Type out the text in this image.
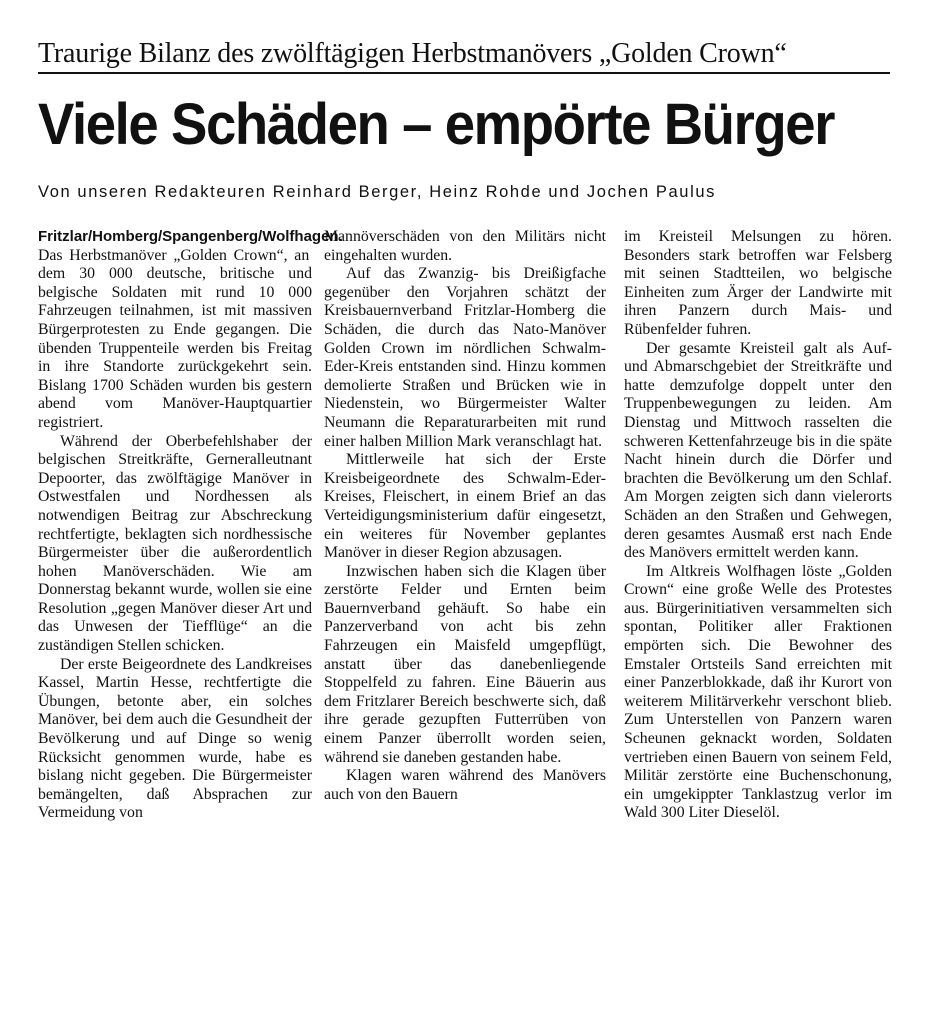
Traurige Bilanz des zwölftägigen Herbstmanövers „Golden Crown“
Viele Schäden – empörte Bürger
Von unseren Redakteuren Reinhard Berger, Heinz Rohde und Jochen Paulus

Fritzlar/Homberg/Spangenberg/Wolfhagen. Das Herbstmanöver „Golden Crown“, an dem 30 000 deutsche, britische und belgische Soldaten mit rund 10 000 Fahrzeugen teilnahmen, ist mit massiven Bürgerprotesten zu Ende gegangen. Die übenden Truppenteile werden bis Freitag in ihre Standorte zurückgekehrt sein. Bislang 1700 Schäden wurden bis gestern abend vom Manöver-Hauptquartier registriert.

Während der Oberbefehlshaber der belgischen Streitkräfte, Gerneralleutnant Depoorter, das zwölftägige Manöver in Ostwestfalen und Nordhessen als notwendigen Beitrag zur Abschreckung rechtfertigte, beklagten sich nordhessische Bürgermeister über die außerordentlich hohen Manöverschäden. Wie am Donnerstag bekannt wurde, wollen sie eine Resolution „gegen Manöver dieser Art und das Unwesen der Tiefflüge“ an die zuständigen Stellen schicken.

Der erste Beigeordnete des Landkreises Kassel, Martin Hesse, rechtfertigte die Übungen, betonte aber, ein solches Manöver, bei dem auch die Gesundheit der Bevölkerung und auf Dinge so wenig Rücksicht genommen wurde, habe es bislang nicht gegeben. Die Bürgermeister bemängelten, daß Absprachen zur Vermeidung von

Mannöverschäden von den Militärs nicht eingehalten wurden.

Auf das Zwanzig- bis Dreißigfache gegenüber den Vorjahren schätzt der Kreisbauernverband Fritzlar-Homberg die Schäden, die durch das Nato-Manöver Golden Crown im nördlichen Schwalm-Eder-Kreis entstanden sind. Hinzu kommen demolierte Straßen und Brücken wie in Niedenstein, wo Bürgermeister Walter Neumann die Reparaturarbeiten mit rund einer halben Million Mark veranschlagt hat.

Mittlerweile hat sich der Erste Kreisbeigeordnete des Schwalm-Eder-Kreises, Fleischert, in einem Brief an das Verteidigungsministerium dafür eingesetzt, ein weiteres für November geplantes Manöver in dieser Region abzusagen.

Inzwischen haben sich die Klagen über zerstörte Felder und Ernten beim Bauernverband gehäuft. So habe ein Panzerverband von acht bis zehn Fahrzeugen ein Maisfeld umgepflügt, anstatt über das danebenliegende Stoppelfeld zu fahren. Eine Bäuerin aus dem Fritzlarer Bereich beschwerte sich, daß ihre gerade gezupften Futterrüben von einem Panzer überrollt worden seien, während sie daneben gestanden habe.

Klagen waren während des Manövers auch von den Bauern

im Kreisteil Melsungen zu hören. Besonders stark betroffen war Felsberg mit seinen Stadtteilen, wo belgische Einheiten zum Ärger der Landwirte mit ihren Panzern durch Mais- und Rübenfelder fuhren.

Der gesamte Kreisteil galt als Auf- und Abmarschgebiet der Streitkräfte und hatte demzufolge doppelt unter den Truppenbewegungen zu leiden. Am Dienstag und Mittwoch rasselten die schweren Kettenfahrzeuge bis in die späte Nacht hinein durch die Dörfer und brachten die Bevölkerung um den Schlaf. Am Morgen zeigten sich dann vielerorts Schäden an den Straßen und Gehwegen, deren gesamtes Ausmaß erst nach Ende des Manövers ermittelt werden kann.

Im Altkreis Wolfhagen löste „Golden Crown“ eine große Welle des Protestes aus. Bürgerinitiativen versammelten sich spontan, Politiker aller Fraktionen empörten sich. Die Bewohner des Emstaler Ortsteils Sand erreichten mit einer Panzerblokkade, daß ihr Kurort von weiterem Militärverkehr verschont blieb. Zum Unterstellen von Panzern waren Scheunen geknackt worden, Soldaten vertrieben einen Bauern von seinem Feld, Militär zerstörte eine Buchenschonung, ein umgekippter Tanklastzug verlor im Wald 300 Liter Dieselöl.
